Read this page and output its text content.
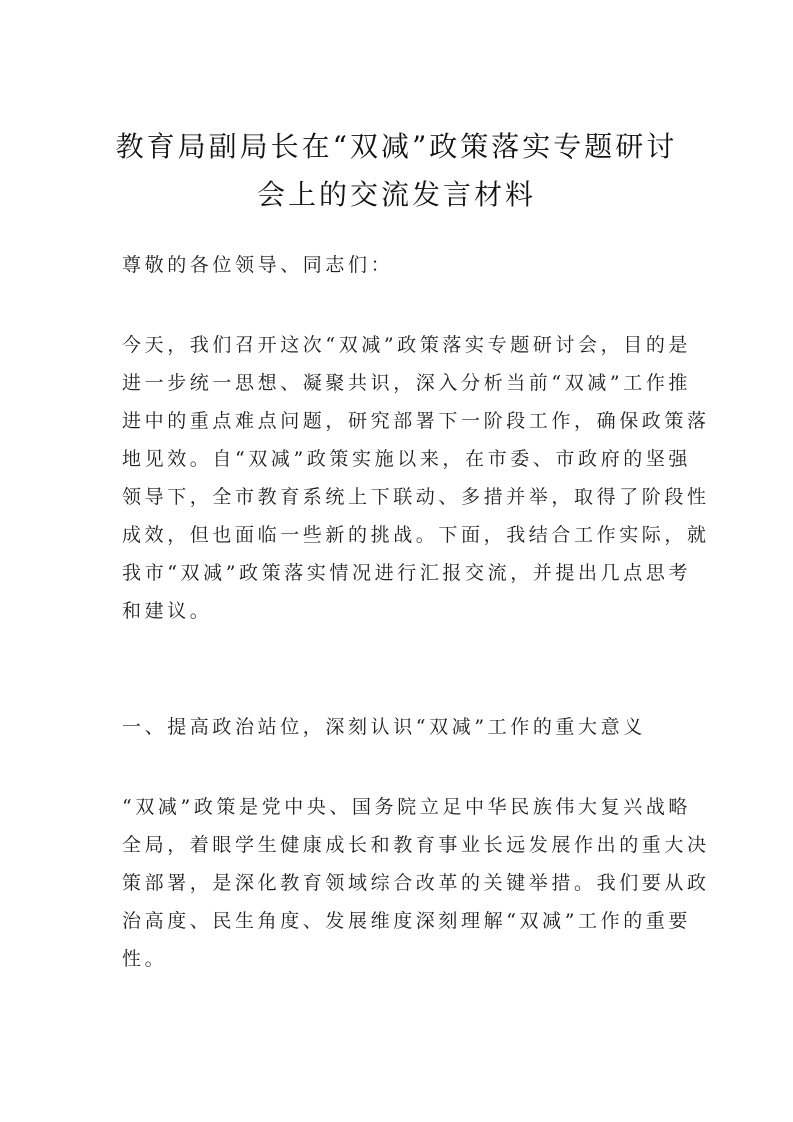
教育局副局长在“双减”政策落实专题研讨
会上的交流发言材料
尊敬的各位领导、同志们：
今天，我们召开这次“双减”政策落实专题研讨会，目的是
进一步统一思想、凝聚共识，深入分析当前“双减”工作推
进中的重点难点问题，研究部署下一阶段工作，确保政策落
地见效。自“双减”政策实施以来，在市委、市政府的坚强
领导下，全市教育系统上下联动、多措并举，取得了阶段性
成效，但也面临一些新的挑战。下面，我结合工作实际，就
我市“双减”政策落实情况进行汇报交流，并提出几点思考
和建议。
一、提高政治站位，深刻认识“双减”工作的重大意义
“双减”政策是党中央、国务院立足中华民族伟大复兴战略
全局，着眼学生健康成长和教育事业长远发展作出的重大决
策部署，是深化教育领域综合改革的关键举措。我们要从政
治高度、民生角度、发展维度深刻理解“双减”工作的重要
性。
